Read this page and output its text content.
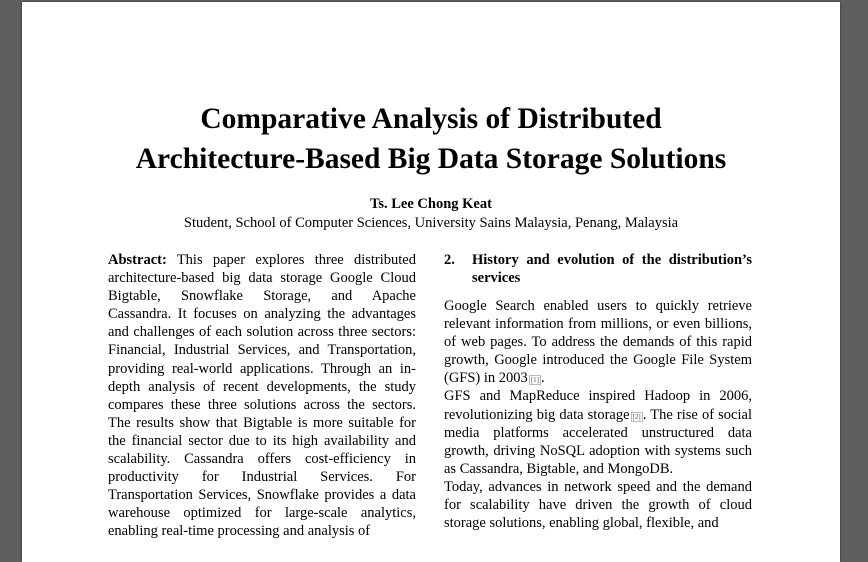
Comparative Analysis of Distributed
Architecture-Based Big Data Storage Solutions
Ts. Lee Chong Keat
Student, School of Computer Sciences, University Sains Malaysia, Penang, Malaysia

Abstract: This paper explores three distributed architecture-based big data storage Google Cloud Bigtable, Snowflake Storage, and Apache Cassandra. It focuses on analyzing the advantages and challenges of each solution across three sectors: Financial, Industrial Services, and Transportation, providing real-world applications. Through an in-depth analysis of recent developments, the study compares these three solutions across the sectors. The results show that Bigtable is more suitable for the financial sector due to its high availability and scalability. Cassandra offers cost-efficiency in productivity for Industrial Services. For Transportation Services, Snowflake provides a data warehouse optimized for large-scale analytics, enabling real-time processing and analysis of

2.	History and evolution of the distribution’s services

Google Search enabled users to quickly retrieve relevant information from millions, or even billions, of web pages. To address the demands of this rapid growth, Google introduced the Google File System (GFS) in 2003 [1] .

GFS and MapReduce inspired Hadoop in 2006, revolutionizing big data storage [2] . The rise of social media platforms accelerated unstructured data growth, driving NoSQL adoption with systems such as Cassandra, Bigtable, and MongoDB.

Today, advances in network speed and the demand for scalability have driven the growth of cloud storage solutions, enabling global, flexible, and
